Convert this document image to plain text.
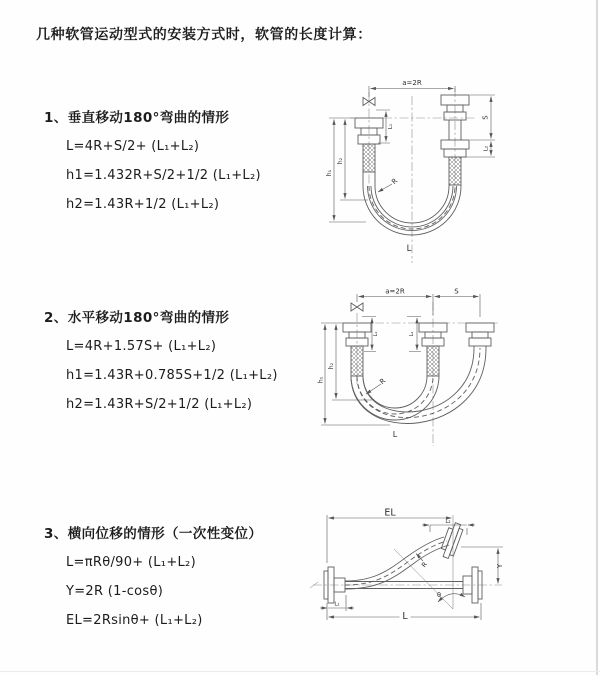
几种软管运动型式的安装方式时，软管的长度计算：
1、垂直移动180°弯曲的情形
L=4R+S/2+ (L₁+L₂)
h1=1.432R+S/2+1/2 (L₁+L₂)
h2=1.43R+1/2 (L₁+L₂)
2、水平移动180°弯曲的情形
L=4R+1.57S+ (L₁+L₂)
h1=1.43R+0.785S+1/2 (L₁+L₂)
h2=1.43R+S/2+1/2 (L₁+L₂)
3、横向位移的情形（一次性变位）
L=πRθ/90+ (L₁+L₂)
Y=2R (1-cosθ)
EL=2Rsinθ+ (L₁+L₂)
a=2R
S
L₂
L₁
h₁
h₂
R
L
a=2R	S
L₁	L₂
h₁
h₂
R
L
EL
L₂
Y
L
L₁
R
θ
